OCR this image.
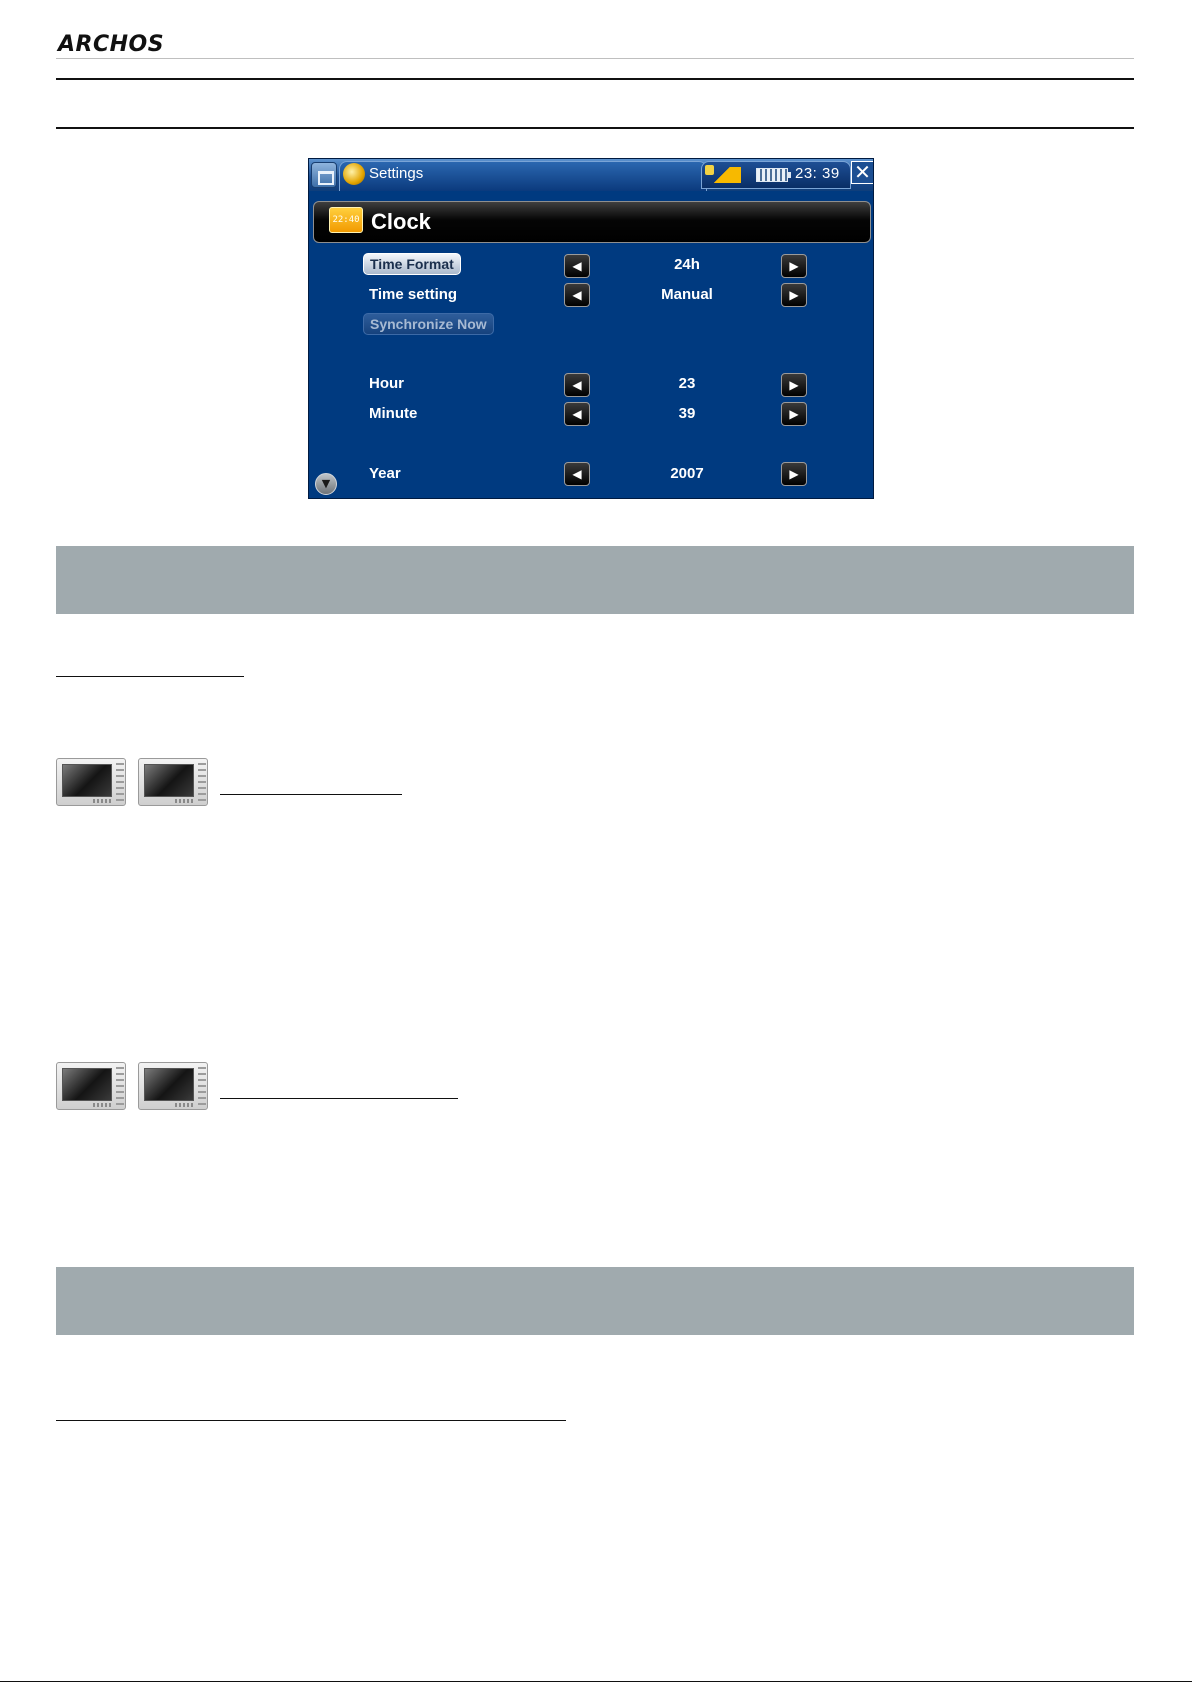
ARCHOS
Settings	23: 39 ✕
22:40 Clock
Time Format	◀	24h	▶
Time setting	◀	Manual	▶
Synchronize Now
Hour	◀	23	▶
Minute	◀	39	▶
Year	◀	2007	▶
▼
